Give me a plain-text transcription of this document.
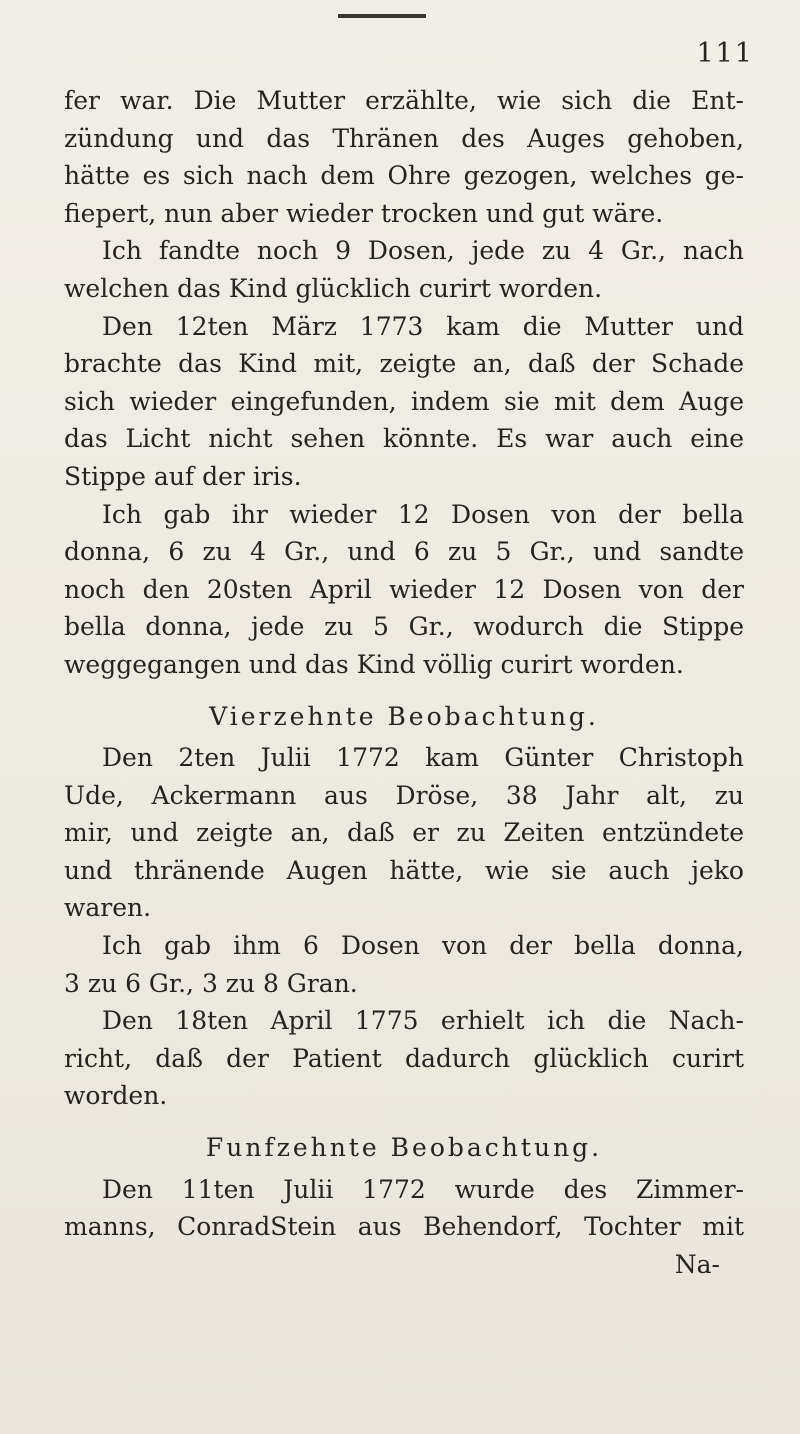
111
fer war. Die Mutter erzählte, wie sich die Ent-
zündung und das Thränen des Auges gehoben,
hätte es sich nach dem Ohre gezogen, welches ge-
fiepert, nun aber wieder trocken und gut wäre.
Ich fandte noch 9 Dosen, jede zu 4 Gr., nach
welchen das Kind glücklich curirt worden.
Den 12ten März 1773 kam die Mutter und
brachte das Kind mit, zeigte an, daß der Schade
sich wieder eingefunden, indem sie mit dem Auge
das Licht nicht sehen könnte. Es war auch eine
Stippe auf der iris.
Ich gab ihr wieder 12 Dosen von der bella
donna, 6 zu 4 Gr., und 6 zu 5 Gr., und sandte
noch den 20sten April wieder 12 Dosen von der
bella donna, jede zu 5 Gr., wodurch die Stippe
weggegangen und das Kind völlig curirt worden.
Vierzehnte Beobachtung.
Den 2ten Julii 1772 kam Günter Christoph
Ude, Ackermann aus Dröse, 38 Jahr alt, zu
mir, und zeigte an, daß er zu Zeiten entzündete
und thränende Augen hätte, wie sie auch jeko
waren.
Ich gab ihm 6 Dosen von der bella donna,
3 zu 6 Gr., 3 zu 8 Gran.
Den 18ten April 1775 erhielt ich die Nach-
richt, daß der Patient dadurch glücklich curirt
worden.
Funfzehnte Beobachtung.
Den 11ten Julii 1772 wurde des Zimmer-
manns, ConradStein aus Behendorf, Tochter mit
Na-
